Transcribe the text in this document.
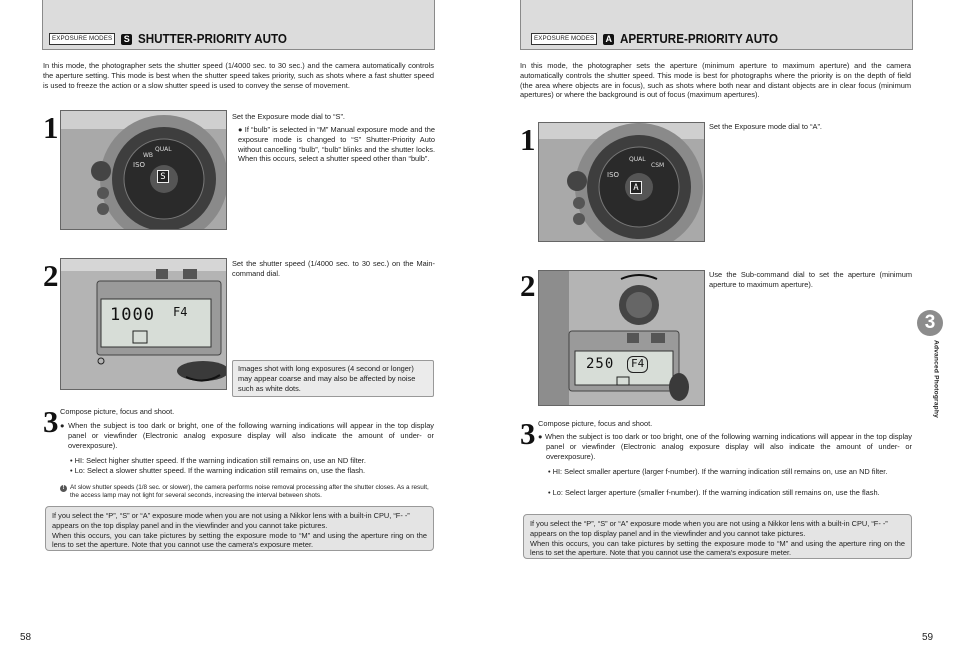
EXPOSURE MODES	S SHUTTER-PRIORITY AUTO

In this mode, the photographer sets the shutter speed (1/4000 sec. to 30 sec.) and the camera automatically controls the aperture setting. This mode is best when the shutter speed takes priority, such as shots where a fast shutter speed is used to freeze the action or a slow shutter speed is used to convey the sense of movement.

1
ISO
WB
QUAL
S

Set the Exposure mode dial to “S”.

● If “bulb” is selected in “M” Manual exposure mode and the exposure mode is changed to “S” Shutter-Priority Auto without cancelling “bulb”, “bulb” blinks and the shutter locks. When this occurs, select a shutter speed other than “bulb”.

2
1000 F4

Set the shutter speed (1/4000 sec. to 30 sec.) on the Main-command dial.

Images shot with long exposures (4 second or longer) may appear coarse and may also be affected by noise such as white dots.
3 Compose picture, focus and shoot.

● When the subject is too dark or bright, one of the following warning indications will appear in the top display panel or viewfinder (Electronic analog exposure display will also indicate the amount of under- or overexposure).

• HI: Select higher shutter speed. If the warning indication still remains on, use an ND filter.

• Lo: Select a slower shutter speed. If the warning indication still remains on, use the flash.

! At slow shutter speeds (1/8 sec. or slower), the camera performs noise removal processing after the shutter closes. As a result, the access lamp may not light for several seconds, increasing the interval between shots.
If you select the “P”, “S” or “A” exposure mode when you are not using a Nikkor lens with a built-in CPU, “F- -” appears on the top display panel and in the viewfinder and you cannot take pictures.
When this occurs, you can take pictures by setting the exposure mode to “M” and using the aperture ring on the lens to set the aperture. Note that you cannot use the camera's exposure meter.
58
EXPOSURE MODES	A APERTURE-PRIORITY AUTO

In this mode, the photographer sets the aperture (minimum aperture to maximum aperture) and the camera automatically controls the shutter speed. This mode is best for photographs where the priority is on the depth of field (the area where objects are in focus), such as shots where both near and distant objects are in clear focus (minimum apertures) or where the background is out of focus (maximum apertures).

1
ISO
QUAL
CSM
A

Set the Exposure mode dial to “A”.

2
250	F4

Use the Sub-command dial to set the aperture (minimum aperture to maximum aperture).

3 Compose picture, focus and shoot.

● When the subject is too dark or too bright, one of the following warning indications will appear in the top display panel or viewfinder (Electronic analog exposure display will also indicate the amount of under- or overexposure).

• HI: Select smaller aperture (larger f-number). If the warning indication still remains on, use an ND filter.

• Lo: Select larger aperture (smaller f-number). If the warning indication still remains on, use the flash.

If you select the “P”, “S” or “A” exposure mode when you are not using a Nikkor lens with a built-in CPU, “F- -” appears on the top display panel and in the viewfinder and you cannot take pictures.
When this occurs, you can take pictures by setting the exposure mode to “M” and using the aperture ring on the lens to set the aperture. Note that you cannot use the camera's exposure meter.
3
Advanced Photography
59
